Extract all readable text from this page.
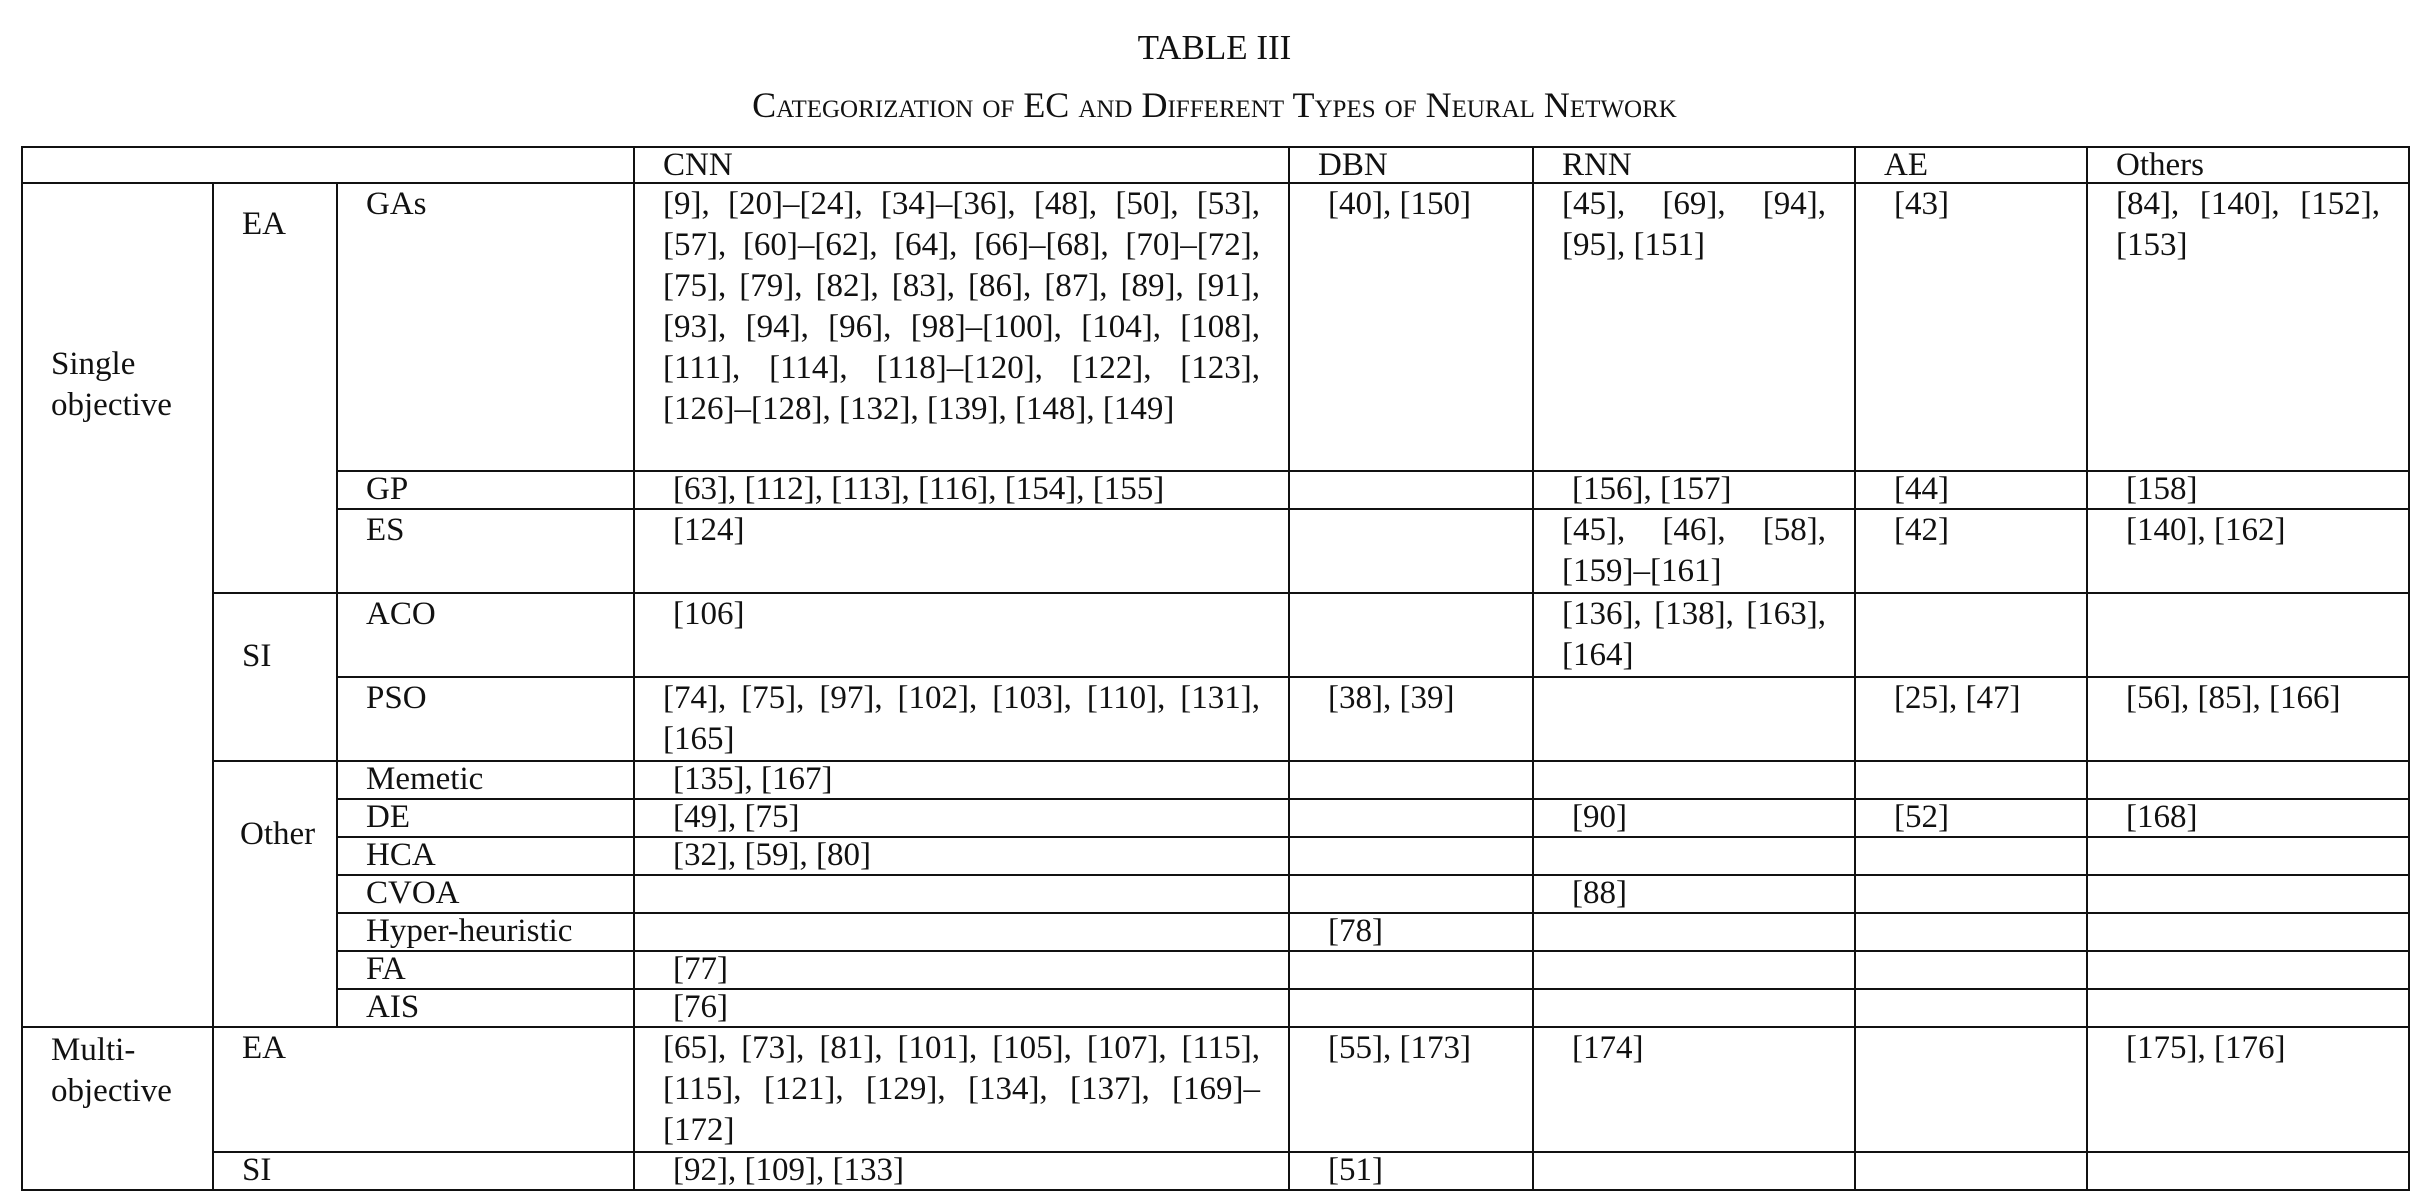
TABLE III
Categorization of EC and Different Types of Neural Network
			CNN	DBN	RNN	AE	Others
Single objective	EA	GAs	[9], [20]–[24], [34]–[36], [48], [50], [53], [57], [60]–[62], [64], [66]–[68], [70]–[72], [75], [79], [82], [83], [86], [87], [89], [91], [93], [94], [96], [98]–[100], [104], [108], [111], [114], [118]–[120], [122], [123], [126]–[128], [132], [139], [148], [149]	[40], [150]	[45], [69], [94], [95], [151]	[43]	[84], [140], [152], [153]
		GP	[63], [112], [113], [116], [154], [155]		[156], [157]	[44]	[158]
		ES	[124]		[45], [46], [58], [159]–[161]	[42]	[140], [162]
	SI	ACO	[106]		[136], [138], [163], [164]		
		PSO	[74], [75], [97], [102], [103], [110], [131], [165]	[38], [39]		[25], [47]	[56], [85], [166]
	Other	Memetic	[135], [167]				
		DE	[49], [75]		[90]	[52]	[168]
		HCA	[32], [59], [80]				
		CVOA			[88]		
		Hyper-heuristic		[78]			
		FA	[77]				
		AIS	[76]				
Multi-objective	EA		[65], [73], [81], [101], [105], [107], [115], [115], [121], [129], [134], [137], [169]–[172]	[55], [173]	[174]		[175], [176]
	SI		[92], [109], [133]	[51]			
